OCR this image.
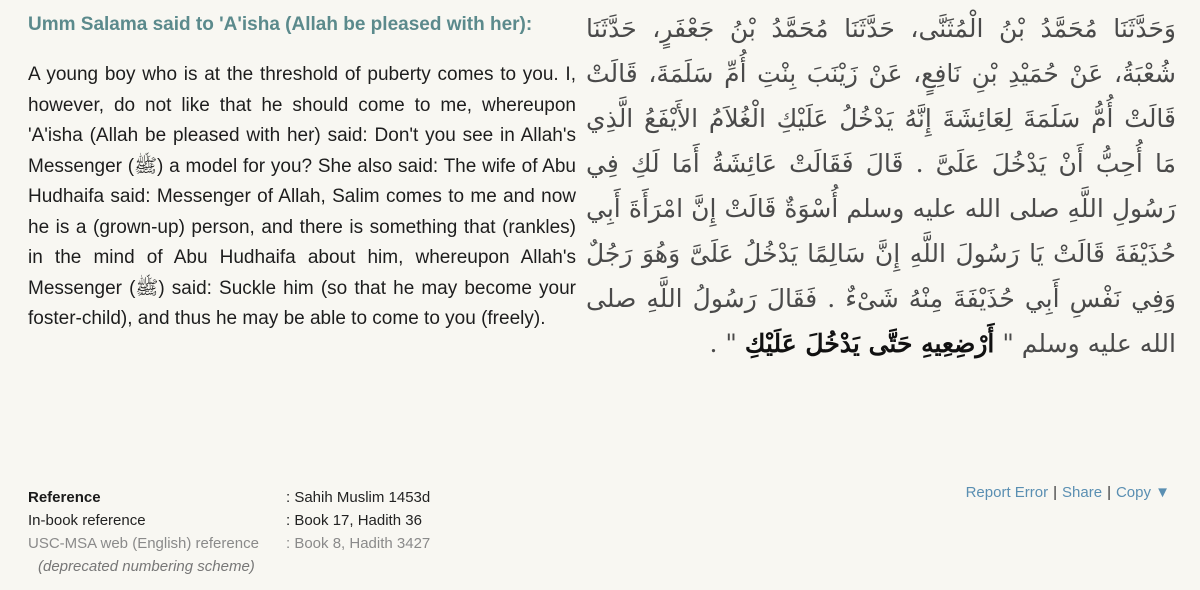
Umm Salama said to 'A'isha (Allah be pleased with her):
A young boy who is at the threshold of puberty comes to you. I, however, do not like that he should come to me, whereupon 'A'isha (Allah be pleased with her) said: Don't you see in Allah's Messenger (ﷺ) a model for you? She also said: The wife of Abu Hudhaifa said: Messenger of Allah, Salim comes to me and now he is a (grown-up) person, and there is something that (rankles) in the mind of Abu Hudhaifa about him, whereupon Allah's Messenger (ﷺ) said: Suckle him (so that he may become your foster-child), and thus he may be able to come to you (freely).
وَحَدَّثَنَا مُحَمَّدُ بْنُ الْمُثَنَّى، حَدَّثَنَا مُحَمَّدُ بْنُ جَعْفَرٍ، حَدَّثَنَا شُعْبَةُ، عَنْ حُمَيْدِ بْنِ نَافِعٍ، عَنْ زَيْنَبَ بِنْتِ أُمِّ سَلَمَةَ، قَالَتْ قَالَتْ أُمُّ سَلَمَةَ لِعَائِشَةَ إِنَّهُ يَدْخُلُ عَلَيْكِ الْغُلاَمُ الأَيْفَعُ الَّذِي مَا أُحِبُّ أَنْ يَدْخُلَ عَلَىَّ ‏.‏ قَالَ فَقَالَتْ عَائِشَةُ أَمَا لَكِ فِي رَسُولِ اللَّهِ صلى الله عليه وسلم أُسْوَةٌ قَالَتْ إِنَّ امْرَأَةَ أَبِي حُذَيْفَةَ قَالَتْ يَا رَسُولَ اللَّهِ إِنَّ سَالِمًا يَدْخُلُ عَلَىَّ وَهُوَ رَجُلٌ وَفِي نَفْسِ أَبِي حُذَيْفَةَ مِنْهُ شَىْءٌ ‏.‏ فَقَالَ رَسُولُ اللَّهِ صلى الله عليه وسلم ‏" أَرْضِعِيهِ حَتَّى يَدْخُلَ عَلَيْكِ " ‏.‏
Reference	: Sahih Muslim 1453d
In-book reference	: Book 17, Hadith 36
USC-MSA web (English) reference	: Book 8, Hadith 3427
(deprecated numbering scheme)
Report Error | Share | Copy ▼
